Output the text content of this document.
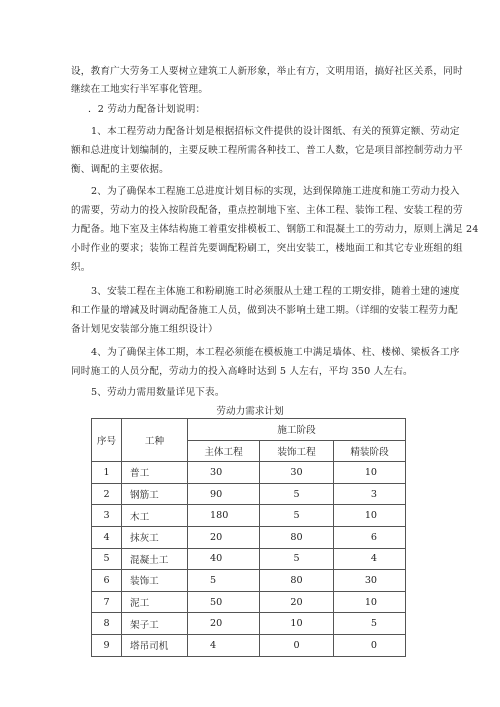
设，教育广大劳务工人要树立建筑工人新形象，举止有方，文明用语，搞好社区关系，同时
继续在工地实行半军事化管理。
．2 劳动力配备计划说明：
1、本工程劳动力配备计划是根据招标文件提供的设计图纸、有关的预算定额、劳动定
额和总进度计划编制的，主要反映工程所需各种技工、普工人数，它是项目部控制劳动力平
衡、调配的主要依据。
2、为了确保本工程施工总进度计划目标的实现，达到保障施工进度和施工劳动力投入
的需要，劳动力的投入按阶段配备，重点控制地下室、主体工程、装饰工程、安装工程的劳
力配备。地下室及主体结构施工着重安排模板工、钢筋工和混凝土工的劳动力，原则上满足 24
小时作业的要求；装饰工程首先要调配粉刷工，突出安装工，楼地面工和其它专业班组的组
织。
3、安装工程在主体施工和粉刷施工时必须服从土建工程的工期安排，随着土建的速度
和工作量的增减及时调动配备施工人员，做到决不影响土建工期。（详细的安装工程劳力配
备计划见安装部分施工组织设计）
4、为了确保主体工期，本工程必须能在模板施工中满足墙体、柱、楼梯、梁板各工序
同时施工的人员分配，劳动力的投入高峰时达到 5 人左右，平均 350 人左右。
5、劳动力需用数量详见下表。
劳动力需求计划
序号	工种	施工阶段		
		主体工程	装饰工程	精装阶段
1	普工	30	30	10
2	钢筋工	90	5	3
3	木工	180	5	10
4	抹灰工	20	80	6
5	混凝土工	40	5	4
6	装饰工	5	80	30
7	泥工	50	20	10
8	架子工	20	10	5
9	塔吊司机	4	0	0
